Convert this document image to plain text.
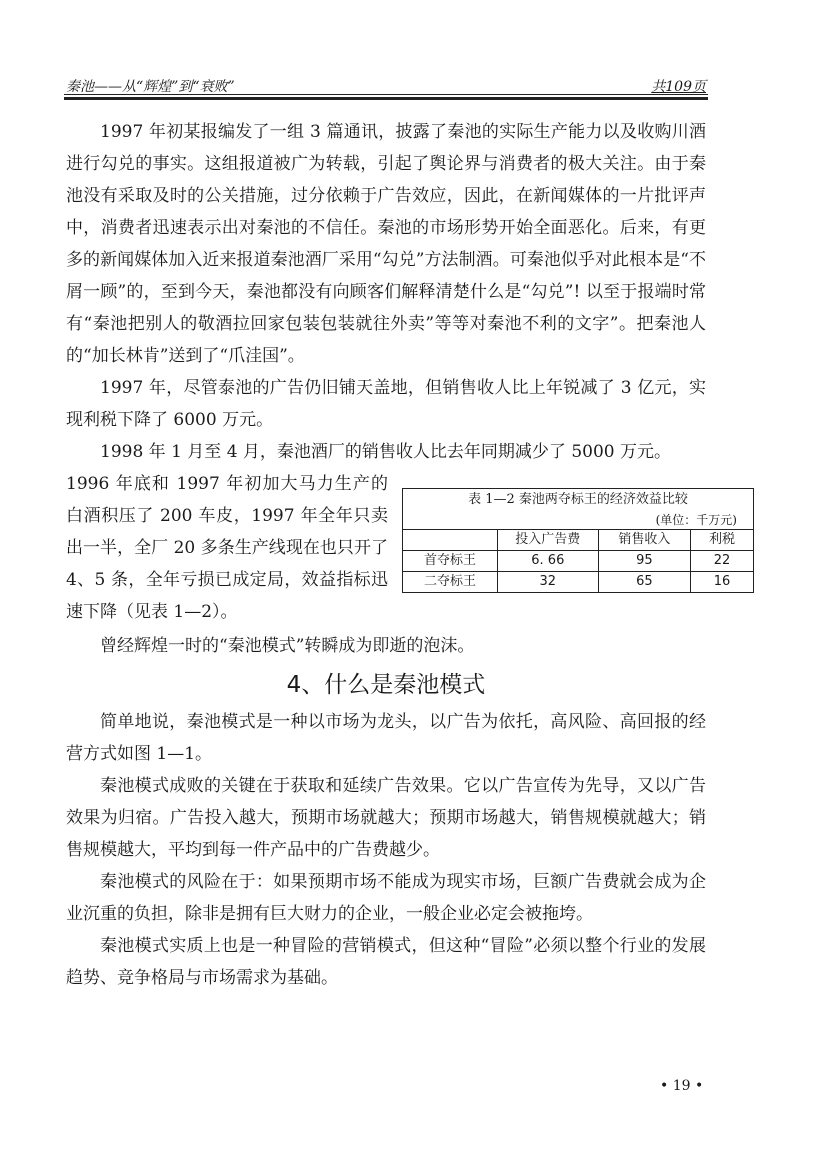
秦池——从“辉煌”到“衰败”	共109页

1997 年初某报编发了一组 3 篇通讯，披露了秦池的实际生产能力以及收购川酒进行勾兑的事实。这组报道被广为转载，引起了舆论界与消费者的极大关注。由于秦池没有采取及时的公关措施，过分依赖于广告效应，因此，在新闻媒体的一片批评声中，消费者迅速表示出对秦池的不信任。秦池的市场形势开始全面恶化。后来，有更多的新闻媒体加入近来报道秦池酒厂采用“勾兑”方法制酒。可秦池似乎对此根本是“不屑一顾”的，至到今天，秦池都没有向顾客们解释清楚什么是“勾兑”! 以至于报端时常有“秦池把别人的敬酒拉回家包装包装就往外卖”等等对秦池不利的文字”。把秦池人的“加长林肯”送到了“爪洼国”。

1997 年，尽管泰池的广告仍旧铺天盖地，但销售收人比上年锐减了 3 亿元，实现利税下降了 6000 万元。

1998 年 1 月至 4 月，秦池酒厂的销售收人比去年同期减少了 5000 万元。

1996 年底和 1997 年初加大马力生产的白酒积压了 200 车皮，1997 年全年只卖出一半，全厂 20 多条生产线现在也只开了 4、5 条，全年亏损已成定局，效益指标迅速下降（见表 1—2）。
表 1—2 秦池两夺标王的经济效益比较
(单位：千万元)
	投入广告费	销售收入	利税
首夺标王	6. 66	95	22
二夺标王	32	65	16

曾经辉煌一时的“秦池模式”转瞬成为即逝的泡沫。

4、什么是秦池模式

简单地说，秦池模式是一种以市场为龙头，以广告为依托，高风险、高回报的经营方式如图 1—1。

秦池模式成败的关键在于获取和延续广告效果。它以广告宣传为先导，又以广告效果为归宿。广告投入越大，预期市场就越大；预期市场越大，销售规模就越大；销售规模越大，平均到每一件产品中的广告费越少。

秦池模式的风险在于：如果预期市场不能成为现实市场，巨额广告费就会成为企业沉重的负担，除非是拥有巨大财力的企业，一般企业必定会被拖垮。

秦池模式实质上也是一种冒险的营销模式，但这种“冒险”必须以整个行业的发展趋势、竞争格局与市场需求为基础。

• 19 •
